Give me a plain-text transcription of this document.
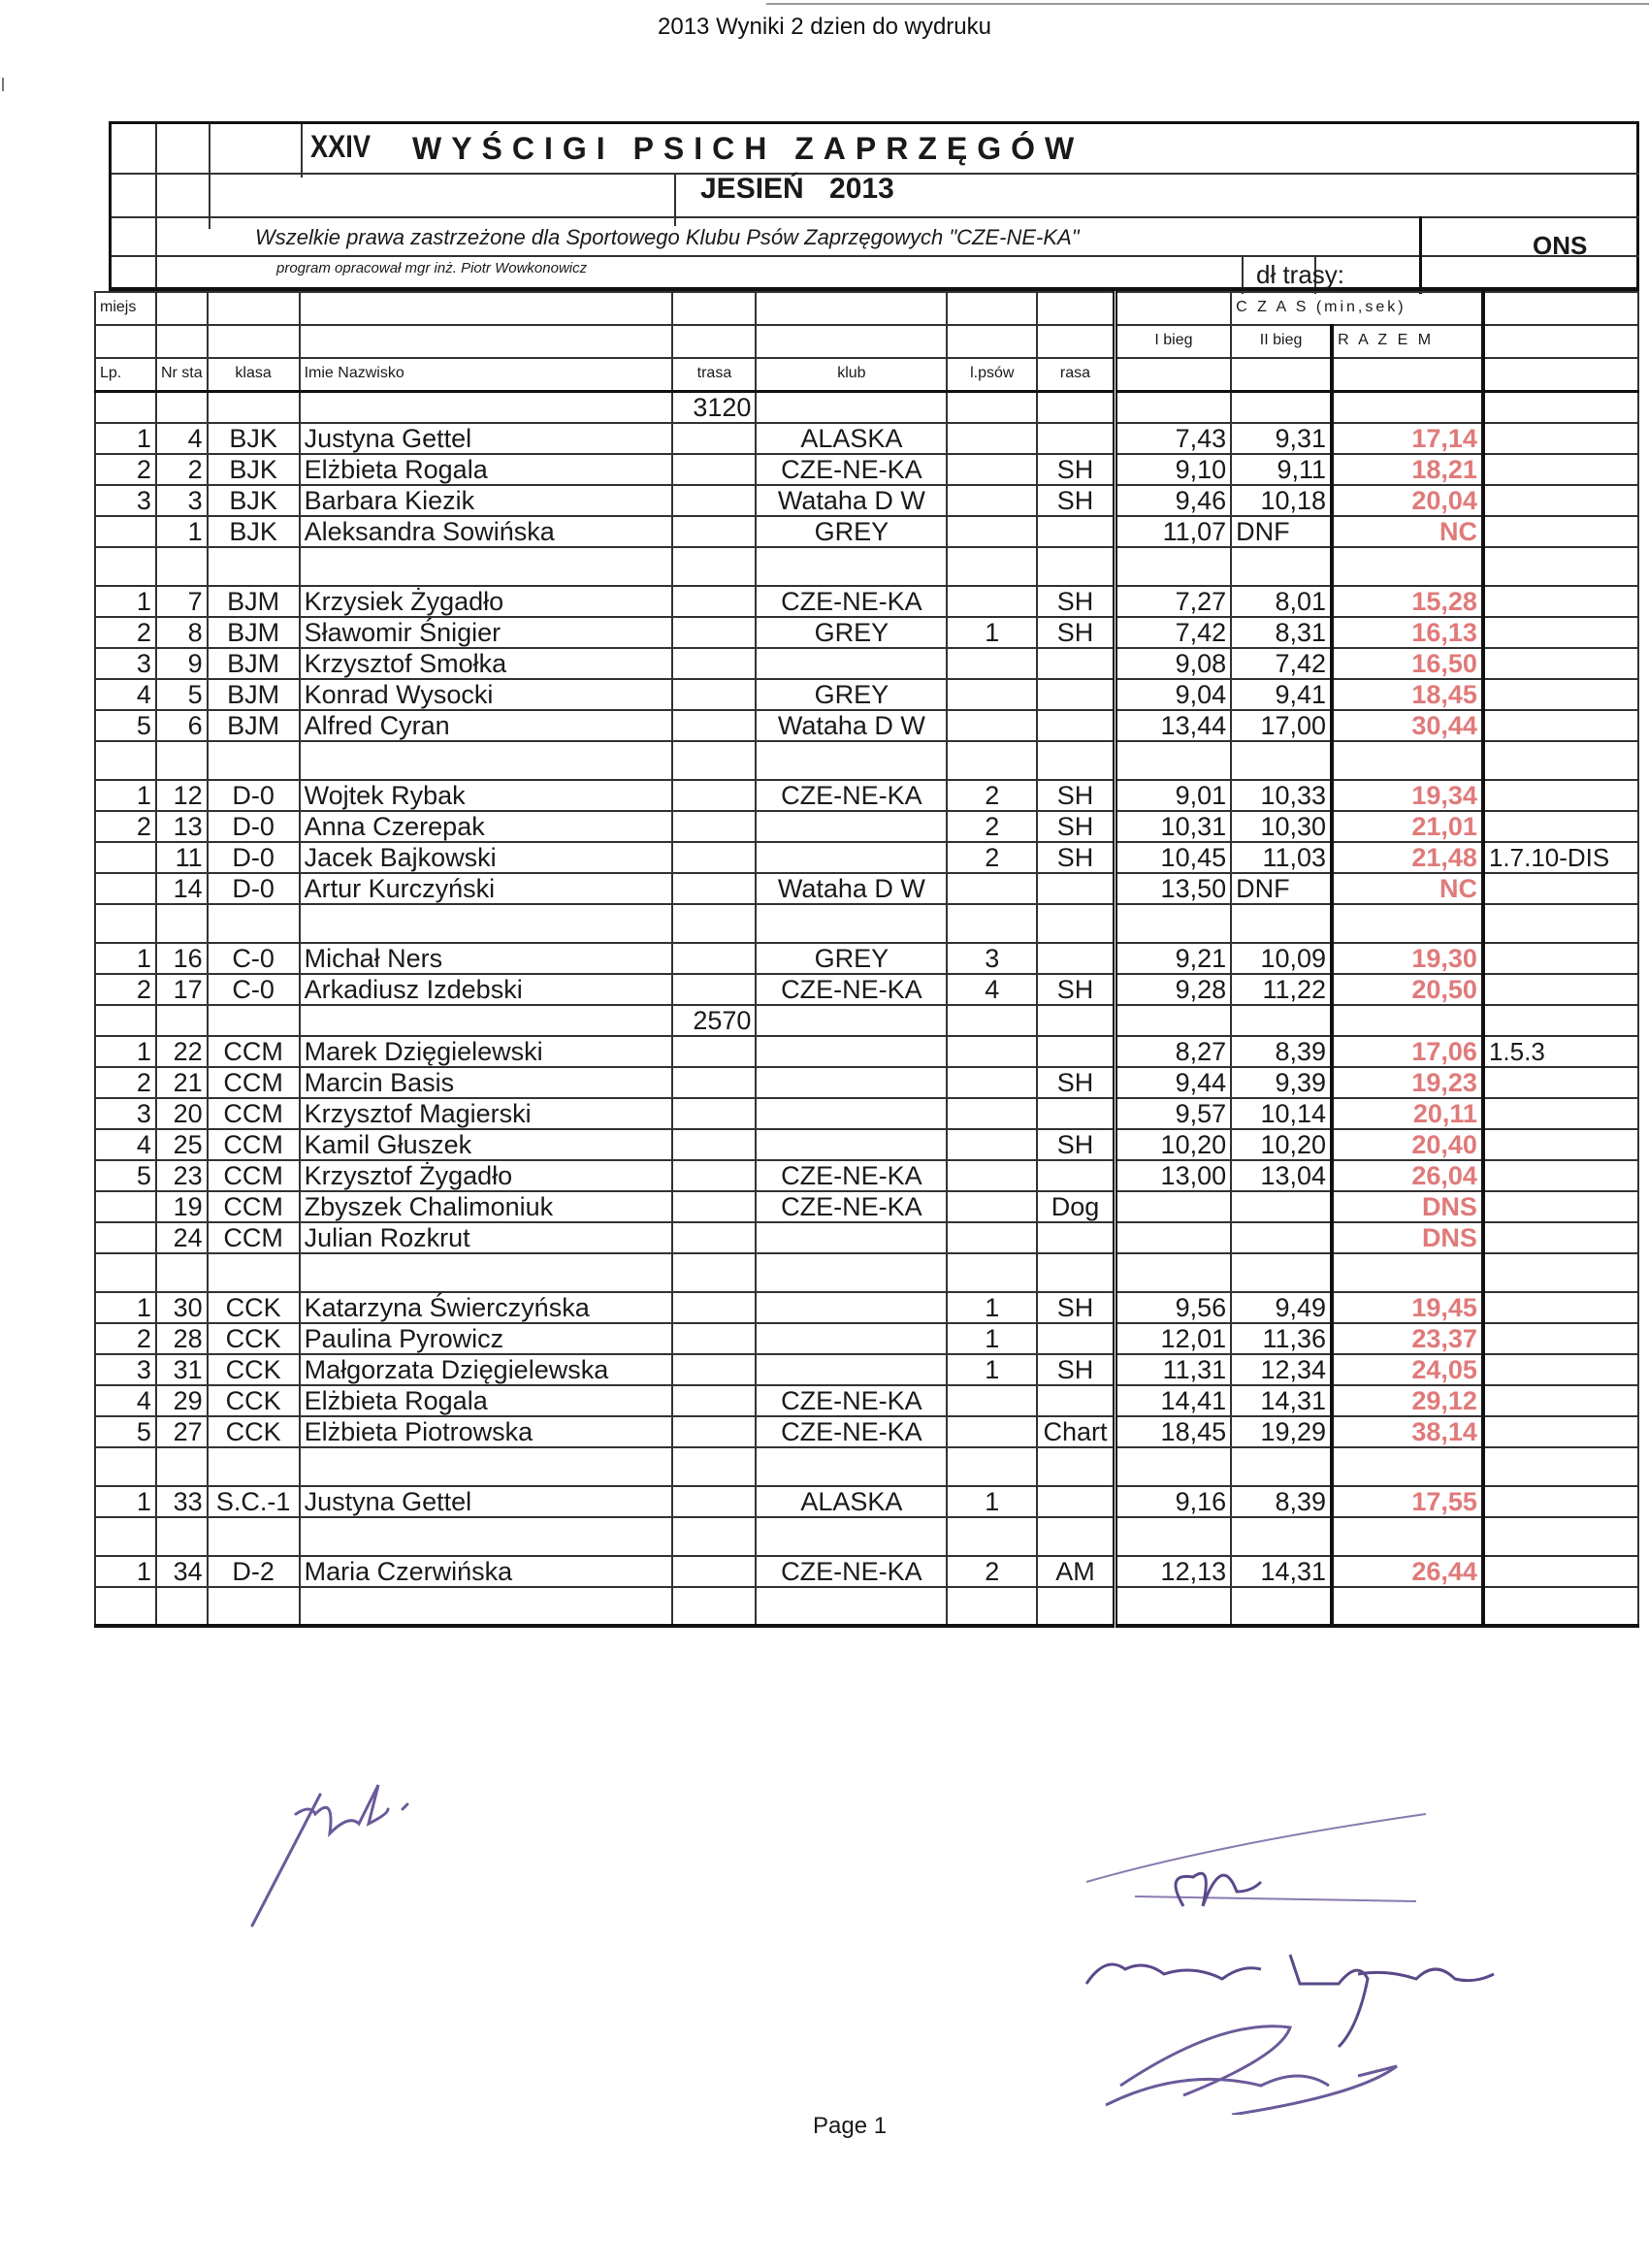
2013 Wyniki 2 dzien do wydruku
XXIV WYŚCIGI PSICH ZAPRZĘGÓW
JESIEŃ 2013
Wszelkie prawa zastrzeżone dla Sportowego Klubu Psów Zaprzęgowych "CZE-NE-KA"	ONS
program opracował mgr inż. Piotr Wowkonowicz	dł trasy:
miejs									C Z A S (min,sek)		
								I bieg	II bieg	R A Z E M	
Lp.	Nr sta	klasa	Imie Nazwisko	trasa	klub	l.psów	rasa				
				3120							
1	4	BJK	Justyna Gettel		ALASKA			7,43	9,31	17,14	
2	2	BJK	Elżbieta Rogala		CZE-NE-KA		SH	9,10	9,11	18,21	
3	3	BJK	Barbara Kiezik		Wataha D W		SH	9,46	10,18	20,04	
	1	BJK	Aleksandra Sowińska		GREY			11,07	DNF	NC	

1	7	BJM	Krzysiek Żygadło		CZE-NE-KA		SH	7,27	8,01	15,28	
2	8	BJM	Sławomir Śnigier		GREY	1	SH	7,42	8,31	16,13	
3	9	BJM	Krzysztof Smołka					9,08	7,42	16,50	
4	5	BJM	Konrad Wysocki		GREY			9,04	9,41	18,45	
5	6	BJM	Alfred Cyran		Wataha D W			13,44	17,00	30,44	

1	12	D-0	Wojtek Rybak		CZE-NE-KA	2	SH	9,01	10,33	19,34	
2	13	D-0	Anna Czerepak			2	SH	10,31	10,30	21,01	
	11	D-0	Jacek Bajkowski			2	SH	10,45	11,03	21,48	1.7.10-DIS
	14	D-0	Artur Kurczyński		Wataha D W			13,50	DNF	NC	

1	16	C-0	Michał Ners		GREY	3		9,21	10,09	19,30	
2	17	C-0	Arkadiusz Izdebski		CZE-NE-KA	4	SH	9,28	11,22	20,50	
				2570							
1	22	CCM	Marek Dzięgielewski					8,27	8,39	17,06	1.5.3
2	21	CCM	Marcin Basis				SH	9,44	9,39	19,23	
3	20	CCM	Krzysztof Magierski					9,57	10,14	20,11	
4	25	CCM	Kamil Głuszek				SH	10,20	10,20	20,40	
5	23	CCM	Krzysztof Żygadło		CZE-NE-KA			13,00	13,04	26,04	
	19	CCM	Zbyszek Chalimoniuk		CZE-NE-KA		Dog			DNS	
	24	CCM	Julian Rozkrut							DNS	

1	30	CCK	Katarzyna Świerczyńska			1	SH	9,56	9,49	19,45	
2	28	CCK	Paulina Pyrowicz			1		12,01	11,36	23,37	
3	31	CCK	Małgorzata Dzięgielewska			1	SH	11,31	12,34	24,05	
4	29	CCK	Elżbieta Rogala		CZE-NE-KA			14,41	14,31	29,12	
5	27	CCK	Elżbieta Piotrowska		CZE-NE-KA		Chart	18,45	19,29	38,14	

1	33	S.C.-1	Justyna Gettel		ALASKA	1		9,16	8,39	17,55	

1	34	D-2	Maria Czerwińska		CZE-NE-KA	2	AM	12,13	14,31	26,44	

Page 1
